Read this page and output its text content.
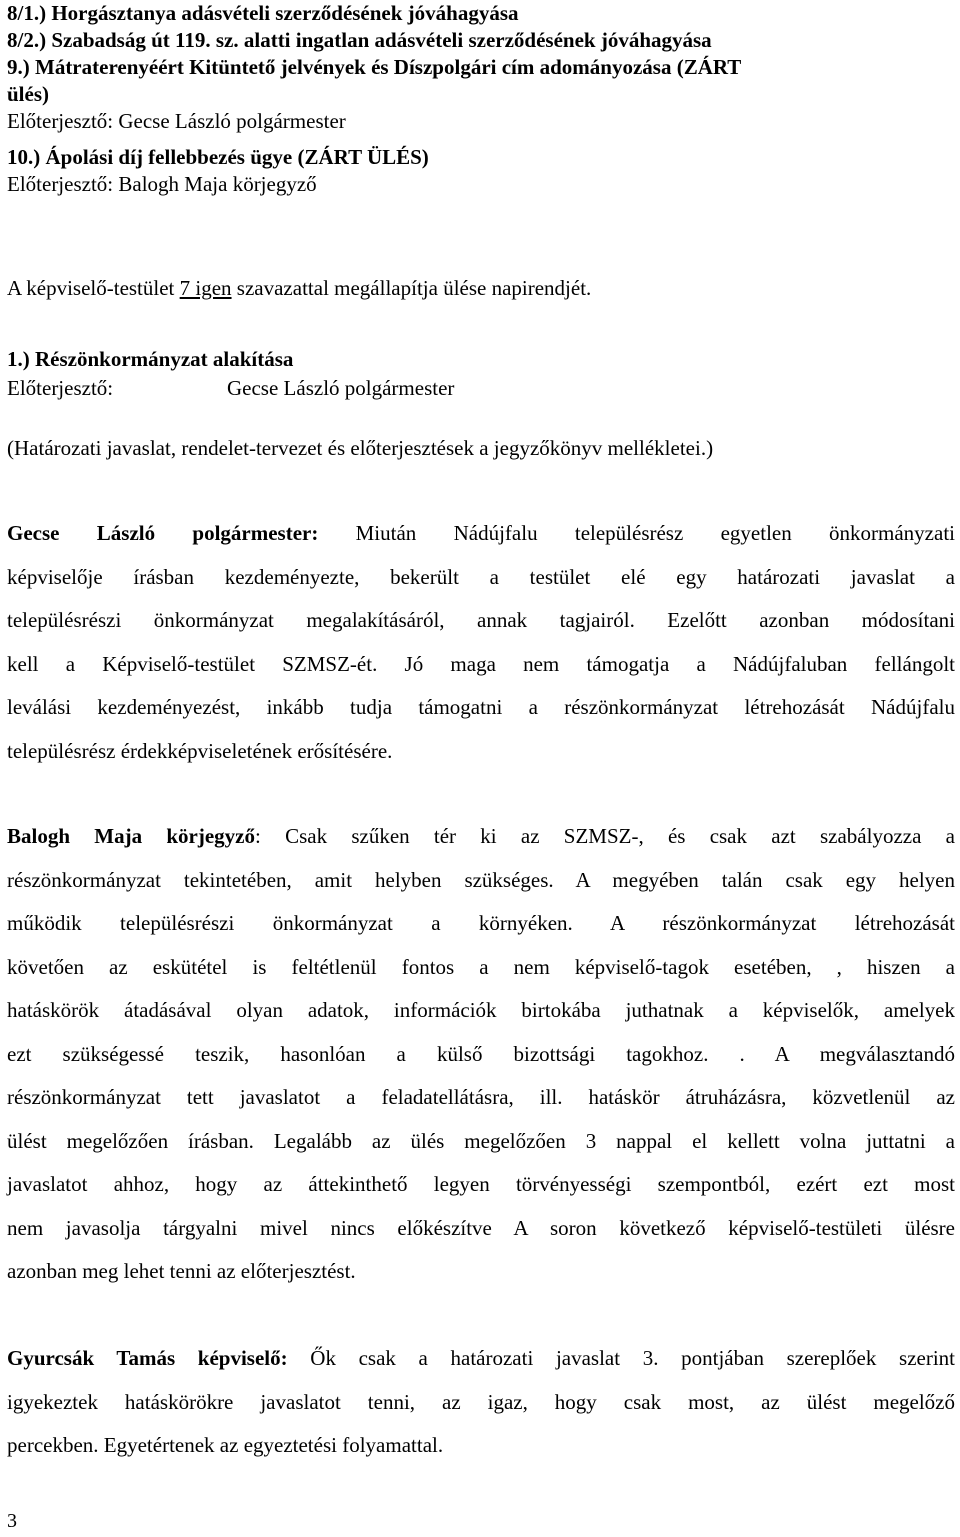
8/1.) Horgásztanya adásvételi szerződésének jóváhagyása
8/2.) Szabadság út 119. sz. alatti ingatlan adásvételi szerződésének jóváhagyása
9.) Mátraterenyéért Kitüntető jelvények és Díszpolgári cím adományozása (ZÁRT
ülés)
Előterjesztő: Gecse László polgármester
10.) Ápolási díj fellebbezés ügye (ZÁRT ÜLÉS)
Előterjesztő: Balogh Maja körjegyző
A képviselő-testület 7 igen szavazattal megállapítja ülése napirendjét.
1.) Részönkormányzat alakítása
Előterjesztő:	Gecse László polgármester
(Határozati javaslat, rendelet-tervezet és előterjesztések a jegyzőkönyv mellékletei.)
Gecse László polgármester: Miután Nádújfalu településrész egyetlen önkormányzati
képviselője írásban kezdeményezte, bekerült a testület elé egy határozati javaslat a
településrészi önkormányzat megalakításáról, annak tagjairól. Ezelőtt azonban módosítani
kell a Képviselő-testület SZMSZ-ét. Jó maga nem támogatja a Nádújfaluban fellángolt
leválási kezdeményezést, inkább tudja támogatni a részönkormányzat létrehozását Nádújfalu
településrész érdekképviseletének erősítésére.
Balogh Maja körjegyző: Csak szűken tér ki az SZMSZ-, és csak azt szabályozza a
részönkormányzat tekintetében, amit helyben szükséges. A megyében talán csak egy helyen
működik településrészi önkormányzat a környéken. A részönkormányzat létrehozását
követően az eskütétel is feltétlenül fontos a nem képviselő-tagok esetében, , hiszen a
hatáskörök átadásával olyan adatok, információk birtokába juthatnak a képviselők, amelyek
ezt szükségessé teszik, hasonlóan a külső bizottsági tagokhoz. . A megválasztandó
részönkormányzat tett javaslatot a feladatellátásra, ill. hatáskör átruházásra, közvetlenül az
ülést megelőzően írásban. Legalább az ülés megelőzően 3 nappal el kellett volna juttatni a
javaslatot ahhoz, hogy az áttekinthető legyen törvényességi szempontból, ezért ezt most
nem javasolja tárgyalni mivel nincs előkészítve A soron következő képviselő-testületi ülésre
azonban meg lehet tenni az előterjesztést.
Gyurcsák Tamás képviselő: Ők csak a határozati javaslat 3. pontjában szereplőek szerint
igyekeztek hatáskörökre javaslatot tenni, az igaz, hogy csak most, az ülést megelőző
percekben. Egyetértenek az egyeztetési folyamattal.
3
